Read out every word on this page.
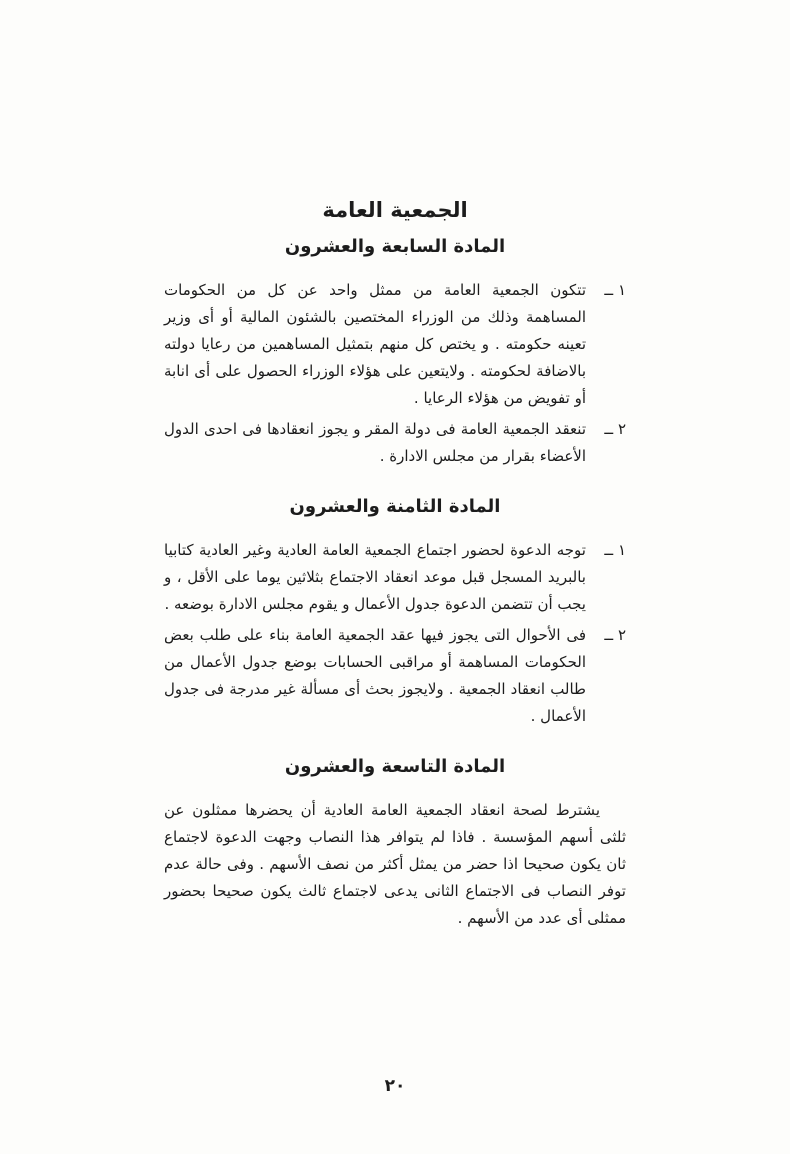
الجمعية العامة
المادة السابعة والعشرون
١ ــ

تتكون الجمعية العامة من ممثل واحد عن كل من الحكومات المساهمة وذلك من الوزراء المختصين بالشئون المالية أو أى وزير تعينه حكومته . و يختص كل منهم بتمثيل المساهمين من رعايا دولته بالاضافة لحكومته . ولايتعين على هؤلاء الوزراء الحصول على أى انابة أو تفويض من هؤلاء الرعايا .

٢ ــ

تنعقد الجمعية العامة فى دولة المقر و يجوز انعقادها فى احدى الدول الأعضاء بقرار من مجلس الادارة .

المادة الثامنة والعشرون
١ ــ

توجه الدعوة لحضور اجتماع الجمعية العامة العادية وغير العادية كتابيا بالبريد المسجل قبل موعد انعقاد الاجتماع بثلاثين يوما على الأقل ، و يجب أن تتضمن الدعوة جدول الأعمال و يقوم مجلس الادارة بوضعه .

٢ ــ

فى الأحوال التى يجوز فيها عقد الجمعية العامة بناء على طلب بعض الحكومات المساهمة أو مراقبى الحسابات بوضع جدول الأعمال من طالب انعقاد الجمعية . ولايجوز بحث أى مسألة غير مدرجة فى جدول الأعمال .

المادة التاسعة والعشرون

يشترط لصحة انعقاد الجمعية العامة العادية أن يحضرها ممثلون عن ثلثى أسهم المؤسسة . فاذا لم يتوافر هذا النصاب وجهت الدعوة لاجتماع ثان يكون صحيحا اذا حضر من يمثل أكثر من نصف الأسهم . وفى حالة عدم توفر النصاب فى الاجتماع الثانى يدعى لاجتماع ثالث يكون صحيحا بحضور ممثلى أى عدد من الأسهم .

٢٠
